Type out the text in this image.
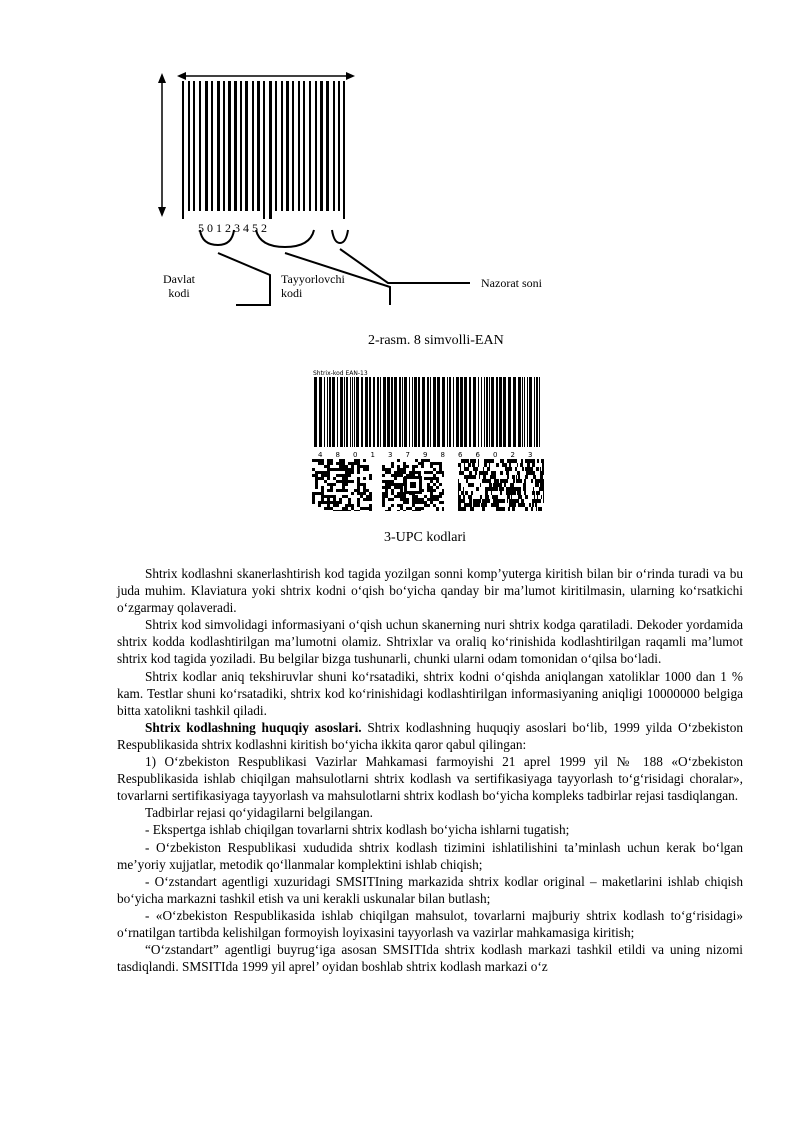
5 0 1 2 3 4 5 2
Davlat
kodi
Tayyorlovchi
kodi
Nazorat soni
2-rasm. 8 simvolli-EAN
Shtrix-kod EAN-13
4 8 0 1 3 7 9 8 6 6 0 2 3
3-UPC kodlari

Shtrix kodlashni skanerlashtirish kod tagida yozilgan sonni komp’yuterga kiritish bilan bir o‘rinda turadi va bu juda muhim. Klaviatura yoki shtrix kodni o‘qish bo‘yicha qanday bir ma’lumot kiritilmasin, ularning ko‘rsatkichi o‘zgarmay qolaveradi.

Shtrix kod simvolidagi informasiyani o‘qish uchun skanerning nuri shtrix kodga qaratiladi. Dekoder yordamida shtrix kodda kodlashtirilgan ma’lumotni olamiz. Shtrixlar va oraliq ko‘rinishida kodlashtirilgan raqamli ma’lumot shtrix kod tagida yoziladi. Bu belgilar bizga tushunarli, chunki ularni odam tomonidan o‘qilsa bo‘ladi.

Shtrix kodlar aniq tekshiruvlar shuni ko‘rsatadiki, shtrix kodni o‘qishda aniqlangan xatoliklar 1000 dan 1 % kam. Testlar shuni ko‘rsatadiki, shtrix kod ko‘rinishidagi kodlashtirilgan informasiyaning aniqligi 10000000 belgiga bitta xatolikni tashkil qiladi.

Shtrix kodlashning huquqiy asoslari. Shtrix kodlashning huquqiy asoslari bo‘lib, 1999 yilda O‘zbekiston Respublikasida shtrix kodlashni kiritish bo‘yicha ikkita qaror qabul qilingan:

1) O‘zbekiston Respublikasi Vazirlar Mahkamasi farmoyishi 21 aprel 1999 yil № 188 «O‘zbekiston Respublikasida ishlab chiqilgan mahsulotlarni shtrix kodlash va sertifikasiyaga tayyorlash to‘g‘risidagi choralar», tovarlarni sertifikasiyaga tayyorlash va mahsulotlarni shtrix kodlash bo‘yicha kompleks tadbirlar rejasi tasdiqlangan.

Tadbirlar rejasi qo‘yidagilarni belgilangan.

- Ekspertga ishlab chiqilgan tovarlarni shtrix kodlash bo‘yicha ishlarni tugatish;

- O‘zbekiston Respublikasi xududida shtrix kodlash tizimini ishlatilishini ta’minlash uchun kerak bo‘lgan me’yoriy xujjatlar, metodik qo‘llanmalar komplektini ishlab chiqish;

- O‘zstandart agentligi xuzuridagi SMSITIning markazida shtrix kodlar original – maketlarini ishlab chiqish bo‘yicha markazni tashkil etish va uni kerakli uskunalar bilan butlash;

- «O‘zbekiston Respublikasida ishlab chiqilgan mahsulot, tovarlarni majburiy shtrix kodlash to‘g‘risidagi» o‘rnatilgan tartibda kelishilgan formoyish loyixasini tayyorlash va vazirlar mahkamasiga kiritish;

“O‘zstandart” agentligi buyrug‘iga asosan SMSITIda shtrix kodlash markazi tashkil etildi va uning nizomi tasdiqlandi. SMSITIda 1999 yil aprel’ oyidan boshlab shtrix kodlash markazi o‘z
